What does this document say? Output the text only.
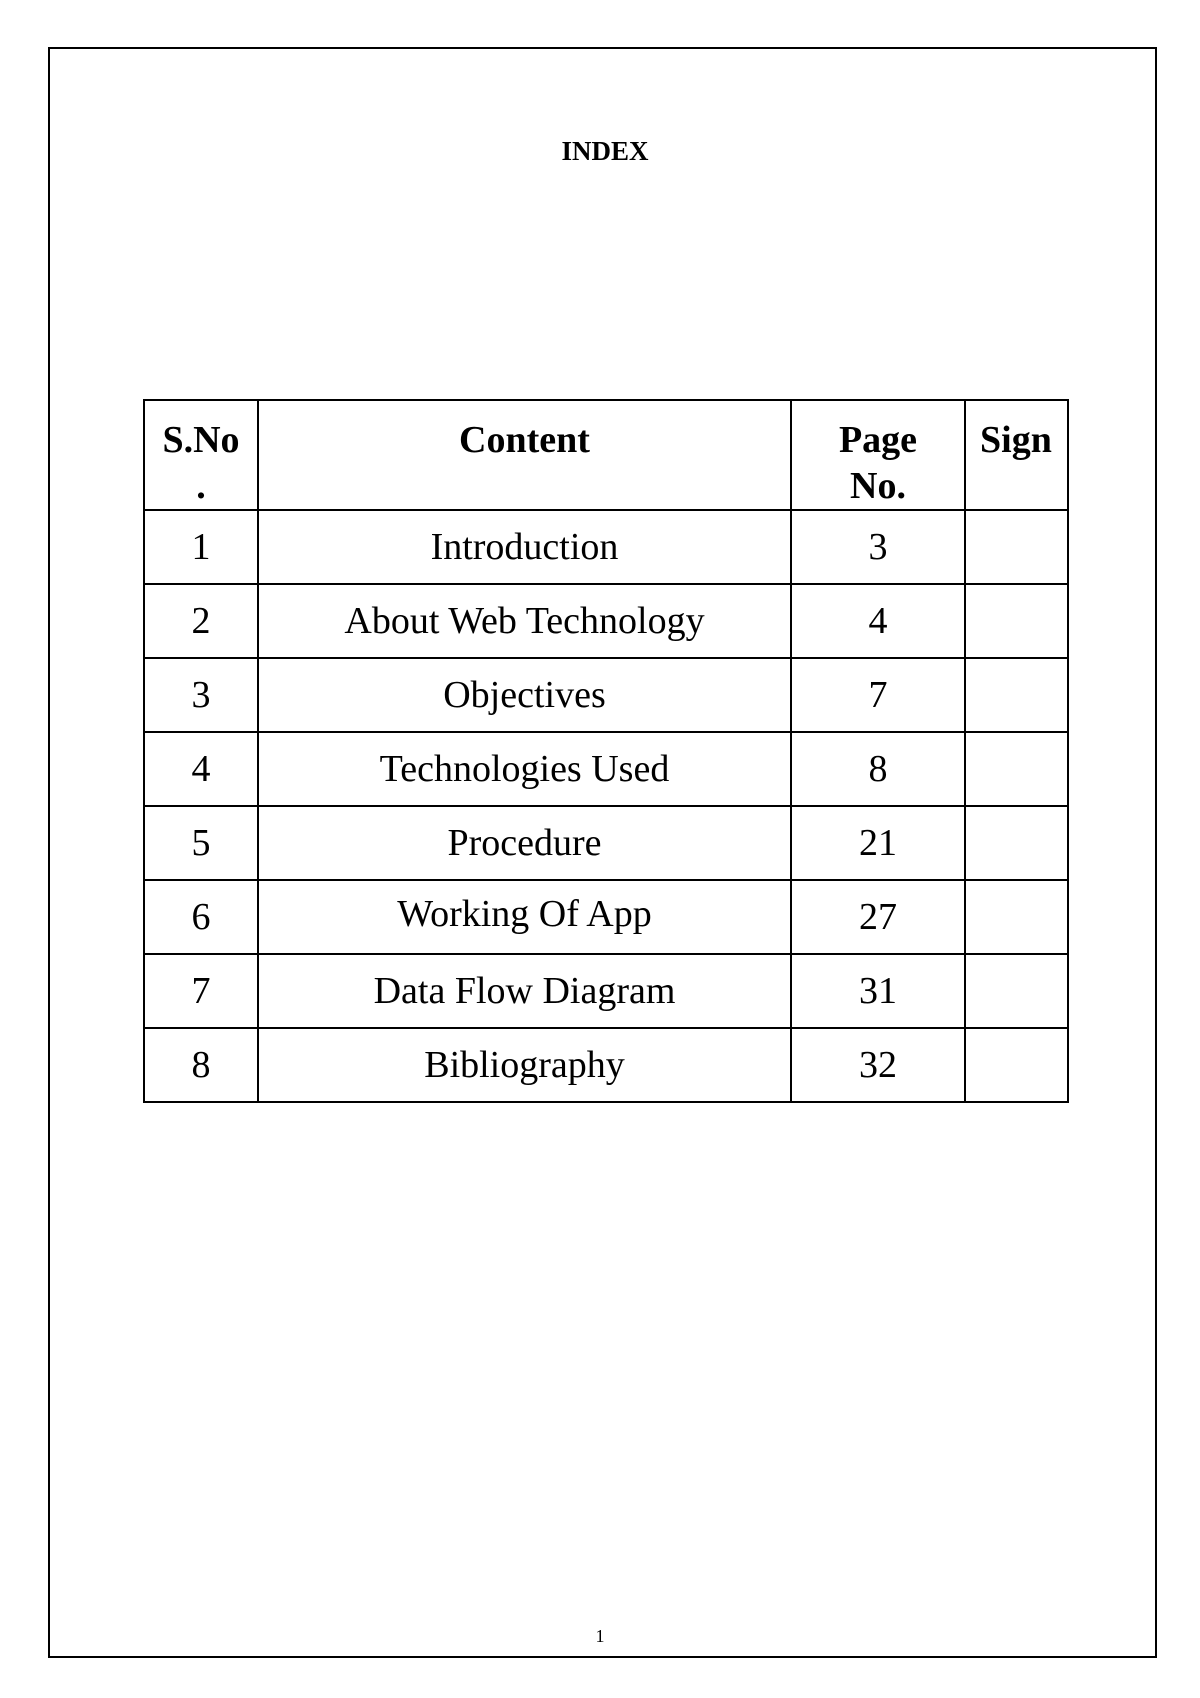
INDEX
S.No .	Content	Page No.	Sign
1	Introduction	3	
2	About Web Technology	4	
3	Objectives	7	
4	Technologies Used	8	
5	Procedure	21	
6	Working Of App	27	
7	Data Flow Diagram	31	
8	Bibliography	32	
1
